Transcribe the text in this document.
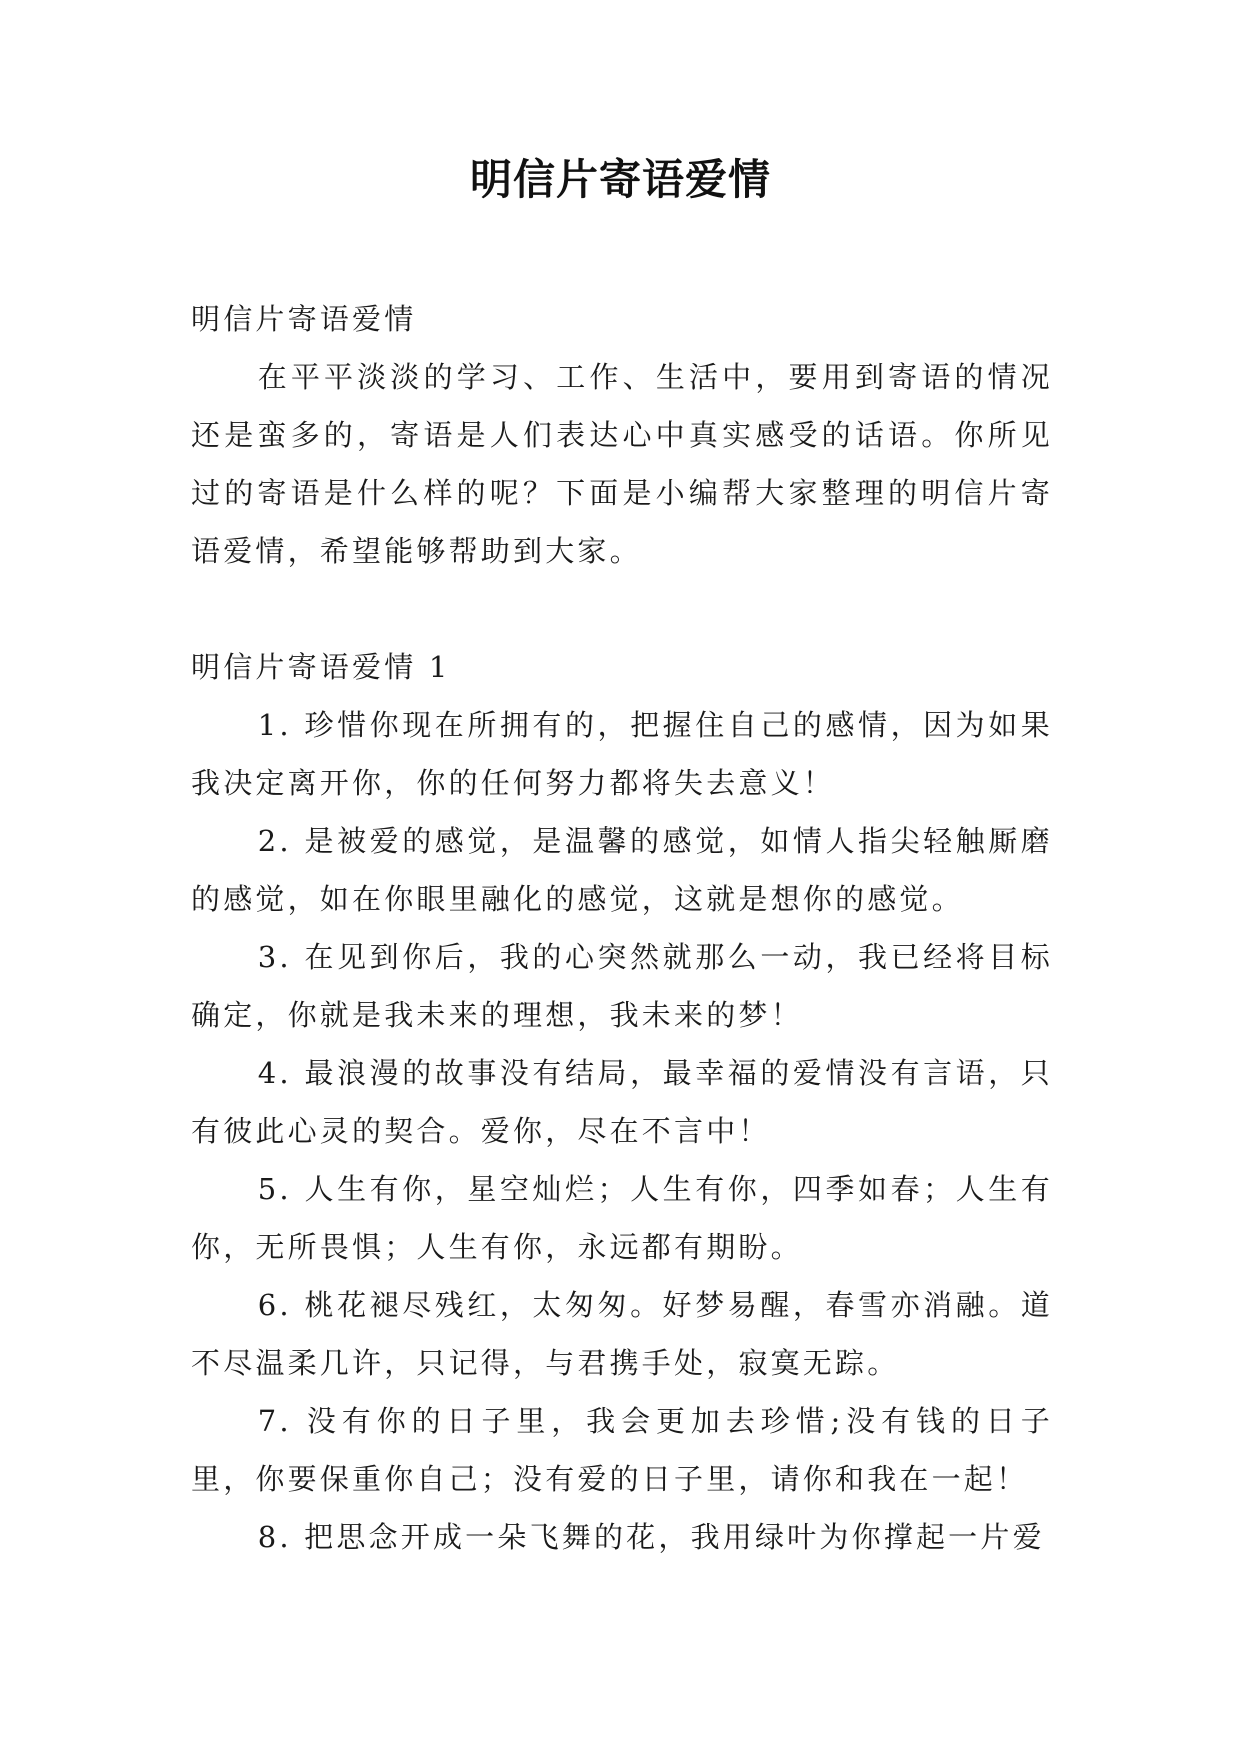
明信片寄语爱情

明信片寄语爱情

在平平淡淡的学习、工作、生活中，要用到寄语的情况还是蛮多的，寄语是人们表达心中真实感受的话语。你所见过的寄语是什么样的呢？下面是小编帮大家整理的明信片寄语爱情，希望能够帮助到大家。

明信片寄语爱情 1

1. 珍惜你现在所拥有的，把握住自己的感情，因为如果我决定离开你，你的任何努力都将失去意义！

2. 是被爱的感觉，是温馨的感觉，如情人指尖轻触厮磨的感觉，如在你眼里融化的感觉，这就是想你的感觉。

3. 在见到你后，我的心突然就那么一动，我已经将目标确定，你就是我未来的理想，我未来的梦！

4. 最浪漫的故事没有结局，最幸福的爱情没有言语，只有彼此心灵的契合。爱你，尽在不言中！

5. 人生有你，星空灿烂；人生有你，四季如春；人生有你，无所畏惧；人生有你，永远都有期盼。

6. 桃花褪尽残红，太匆匆。好梦易醒，春雪亦消融。道不尽温柔几许，只记得，与君携手处，寂寞无踪。

7. 没有你的日子里，我会更加去珍惜;没有钱的日子里，你要保重你自己；没有爱的日子里，请你和我在一起！

8. 把思念开成一朵飞舞的花，我用绿叶为你撑起一片爱
